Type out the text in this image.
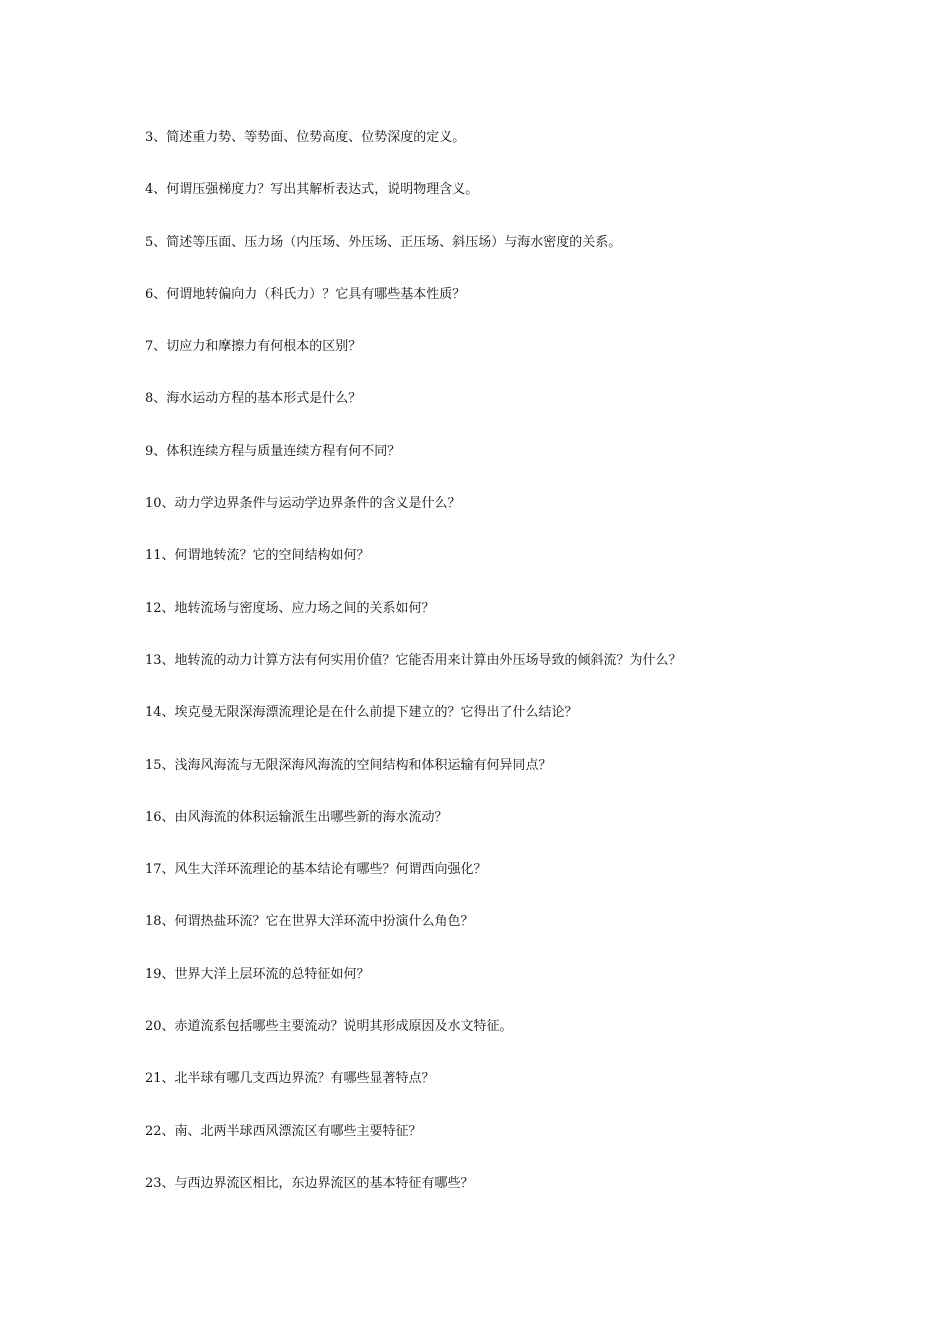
3、简述重力势、等势面、位势高度、位势深度的定义。
4、何谓压强梯度力？写出其解析表达式，说明物理含义。
5、简述等压面、压力场（内压场、外压场、正压场、斜压场）与海水密度的关系。
6、何谓地转偏向力（科氏力）？它具有哪些基本性质？
7、切应力和摩擦力有何根本的区别？
8、海水运动方程的基本形式是什么？
9、体积连续方程与质量连续方程有何不同？
10、动力学边界条件与运动学边界条件的含义是什么？
11、何谓地转流？它的空间结构如何？
12、地转流场与密度场、应力场之间的关系如何？
13、地转流的动力计算方法有何实用价值？它能否用来计算由外压场导致的倾斜流？为什么？
14、埃克曼无限深海漂流理论是在什么前提下建立的？它得出了什么结论？
15、浅海风海流与无限深海风海流的空间结构和体积运输有何异同点？
16、由风海流的体积运输派生出哪些新的海水流动？
17、风生大洋环流理论的基本结论有哪些？何谓西向强化？
18、何谓热盐环流？它在世界大洋环流中扮演什么角色？
19、世界大洋上层环流的总特征如何？
20、赤道流系包括哪些主要流动？说明其形成原因及水文特征。
21、北半球有哪几支西边界流？有哪些显著特点？
22、南、北两半球西风漂流区有哪些主要特征？
23、与西边界流区相比，东边界流区的基本特征有哪些？
